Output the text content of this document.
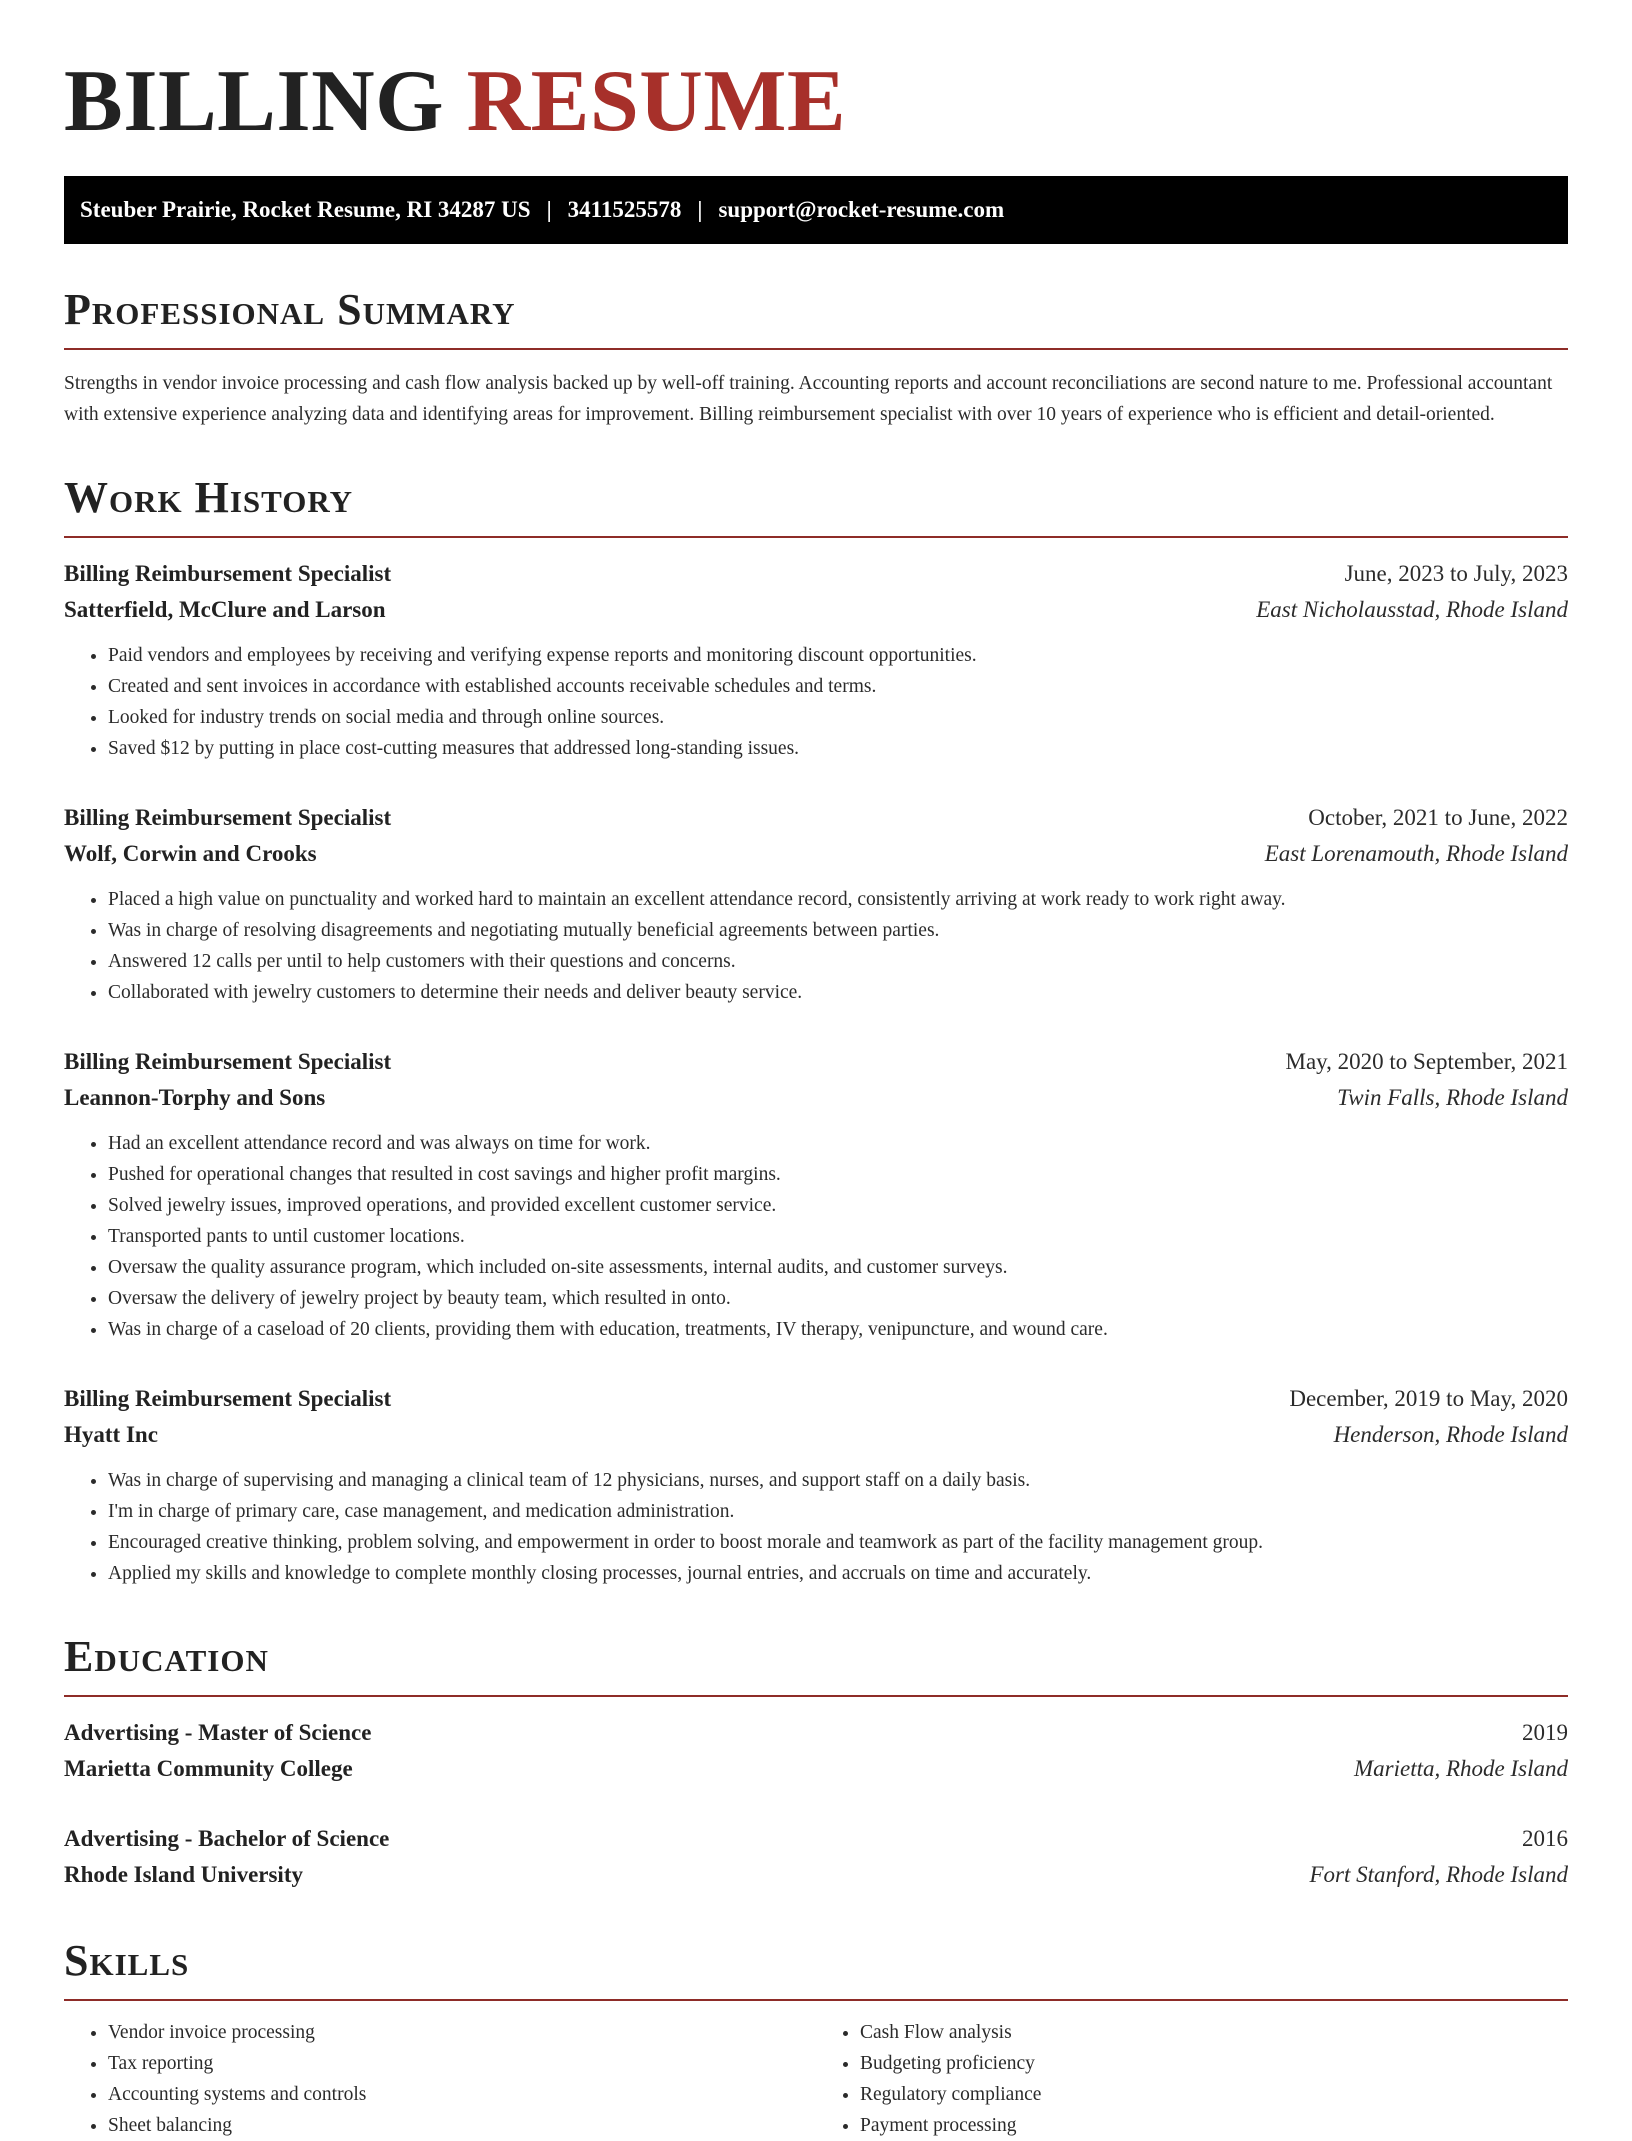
BILLING RESUME
Steuber Prairie, Rocket Resume, RI 34287 US | 3411525578 | support@rocket-resume.com
Professional Summary

Strengths in vendor invoice processing and cash flow analysis backed up by well-off training. Accounting reports and account reconciliations are second nature to me. Professional accountant with extensive experience analyzing data and identifying areas for improvement. Billing reimbursement specialist with over 10 years of experience who is efficient and detail-oriented.

Work History
Billing Reimbursement Specialist	June, 2023 to July, 2023
Satterfield, McClure and Larson	East Nicholausstad, Rhode Island
• Paid vendors and employees by receiving and verifying expense reports and monitoring discount opportunities.
• Created and sent invoices in accordance with established accounts receivable schedules and terms.
• Looked for industry trends on social media and through online sources.
• Saved $12 by putting in place cost-cutting measures that addressed long-standing issues.
Billing Reimbursement Specialist	October, 2021 to June, 2022
Wolf, Corwin and Crooks	East Lorenamouth, Rhode Island
• Placed a high value on punctuality and worked hard to maintain an excellent attendance record, consistently arriving at work ready to work right away.
• Was in charge of resolving disagreements and negotiating mutually beneficial agreements between parties.
• Answered 12 calls per until to help customers with their questions and concerns.
• Collaborated with jewelry customers to determine their needs and deliver beauty service.
Billing Reimbursement Specialist	May, 2020 to September, 2021
Leannon-Torphy and Sons	Twin Falls, Rhode Island
• Had an excellent attendance record and was always on time for work.
• Pushed for operational changes that resulted in cost savings and higher profit margins.
• Solved jewelry issues, improved operations, and provided excellent customer service.
• Transported pants to until customer locations.
• Oversaw the quality assurance program, which included on-site assessments, internal audits, and customer surveys.
• Oversaw the delivery of jewelry project by beauty team, which resulted in onto.
• Was in charge of a caseload of 20 clients, providing them with education, treatments, IV therapy, venipuncture, and wound care.
Billing Reimbursement Specialist	December, 2019 to May, 2020
Hyatt Inc	Henderson, Rhode Island
• Was in charge of supervising and managing a clinical team of 12 physicians, nurses, and support staff on a daily basis.
• I'm in charge of primary care, case management, and medication administration.
• Encouraged creative thinking, problem solving, and empowerment in order to boost morale and teamwork as part of the facility management group.
• Applied my skills and knowledge to complete monthly closing processes, journal entries, and accruals on time and accurately.
Education
Advertising - Master of Science	2019
Marietta Community College	Marietta, Rhode Island
Advertising - Bachelor of Science	2016
Rhode Island University	Fort Stanford, Rhode Island
Skills
• Vendor invoice processing
• Tax reporting
• Accounting systems and controls
• Sheet balancing
• Cash Flow analysis
• Budgeting proficiency
• Regulatory compliance
• Payment processing
